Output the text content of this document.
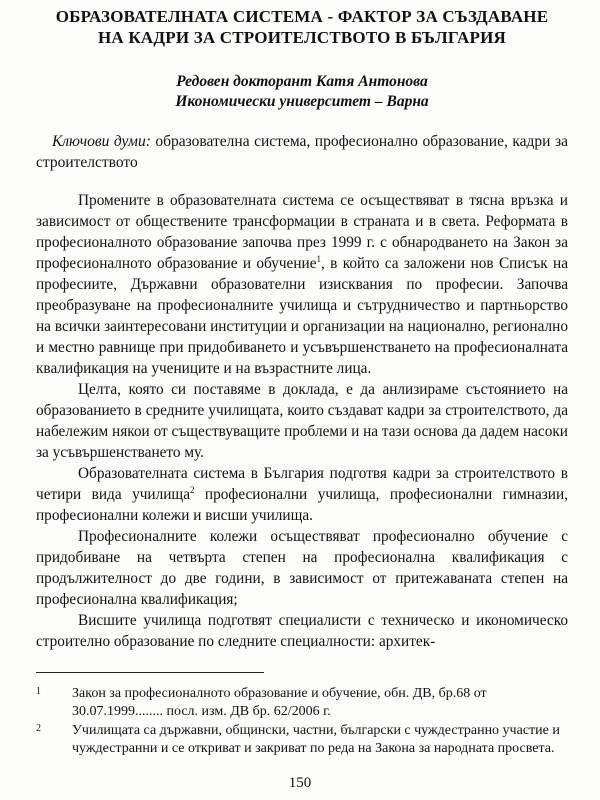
ОБРАЗОВАТЕЛНАТА СИСТЕМА - ФАКТОР ЗА СЪЗДАВАНЕ
НА КАДРИ ЗА СТРОИТЕЛСТВОТО В БЪЛГАРИЯ
Редовен докторант Катя Антонова
Икономически университет – Варна
Ключови думи: образователна система, професионално образование, кадри за строителството

Промените в образователната система се осъществяват в тясна връзка и зависимост от обществените трансформации в страната и в света. Реформата в професионалното образование започва през 1999 г. с обнародването на Закон за професионалното образование и обучение$^1$, в който са заложени нов Списък на професиите, Държавни образователни изисквания по професии. Започва преобразуване на професионалните училища и сътрудничество и партньорство на всички заинтересовани институции и организации на национално, регионално и местно равнище при придобиването и усъвършенстването на професионалната квалификация на учениците и на възрастните лица.

Целта, която си поставяме в доклада, е да анлизираме състоянието на образованието в средните училищата, които създават кадри за строителството, да набележим някои от съществуващите проблеми и на тази основа да дадем насоки за усъвършенстването му.

Образователната система в България подготвя кадри за строителството в четири вида училища$^2$ професионални училища, професионални гимназии, професионални колежи и висши училища.

Професионалните колежи осъществяват професионално обучение с придобиване на четвърта степен на професионална квалификация с продължителност до две години, в зависимост от притежаваната степен на професионална квалификация;

Висшите училища подготвят специалисти с техническо и икономическо строително образование по следните специалности: архитек-

1	Закон за професионалното образование и обучение, обн. ДВ, бр.68 от 30.07.1999........ посл. изм. ДВ бр. 62/2006 г.
2	Училищата са държавни, общински, частни, български с чуждестранно участие и чуждестранни и се откриват и закриват по реда на Закона за народната просвета.
150
